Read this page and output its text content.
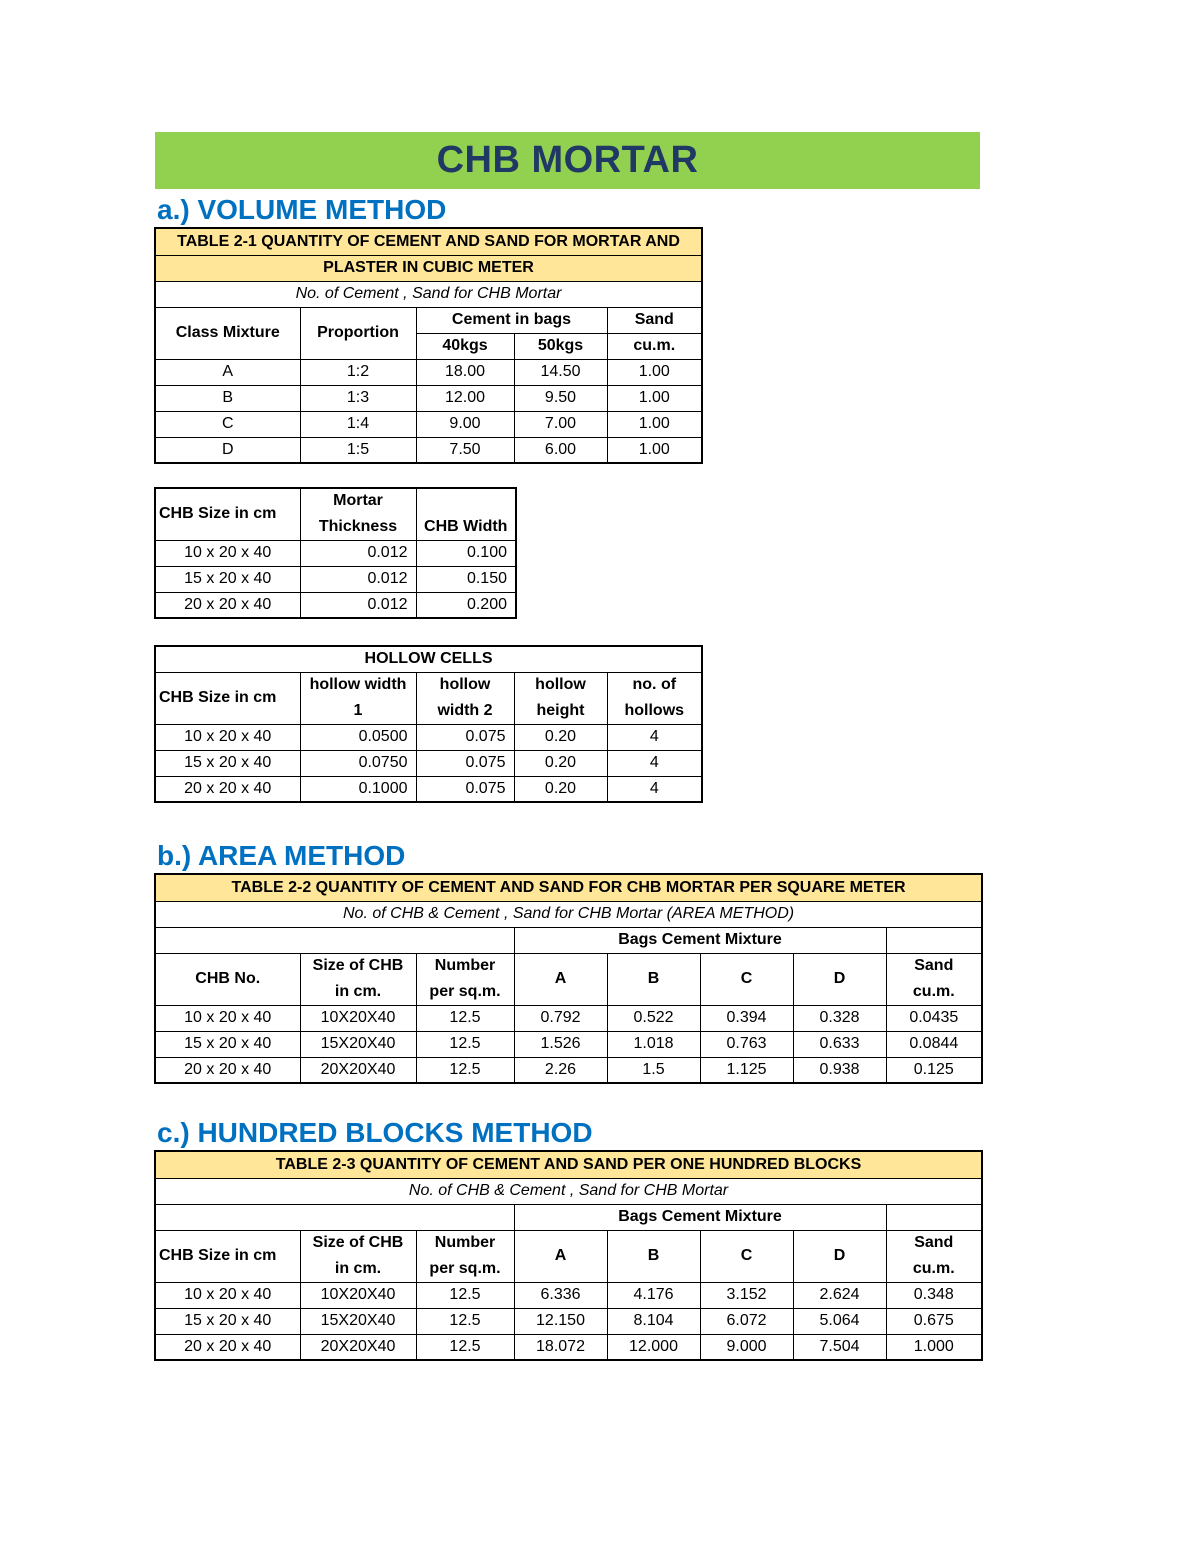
CHB MORTAR
a.) VOLUME METHOD
TABLE 2-1 QUANTITY OF CEMENT AND SAND FOR MORTAR AND				
PLASTER IN CUBIC METER				
No. of Cement , Sand for CHB Mortar				
Class Mixture	Proportion	Cement in bags		Sand
		40kgs	50kgs	cu.m.
A	1:2	18.00	14.50	1.00
B	1:3	12.00	9.50	1.00
C	1:4	9.00	7.00	1.00
D	1:5	7.50	6.00	1.00
CHB Size in cm	Mortar	
	Thickness	CHB Width
10 x 20 x 40	0.012	0.100
15 x 20 x 40	0.012	0.150
20 x 20 x 40	0.012	0.200
HOLLOW CELLS				
CHB Size in cm	hollow width	hollow	hollow	no. of
	1	width 2	height	hollows
10 x 20 x 40	0.0500	0.075	0.20	4
15 x 20 x 40	0.0750	0.075	0.20	4
20 x 20 x 40	0.1000	0.075	0.20	4
b.) AREA METHOD
TABLE 2-2 QUANTITY OF CEMENT AND SAND FOR CHB MORTAR PER SQUARE METER							
No. of CHB & Cement , Sand for CHB Mortar (AREA METHOD)							
			Bags Cement Mixture				
CHB No.	Size of CHB	Number	A	B	C	D	Sand
	in cm.	per sq.m.					cu.m.
10 x 20 x 40	10X20X40	12.5	0.792	0.522	0.394	0.328	0.0435
15 x 20 x 40	15X20X40	12.5	1.526	1.018	0.763	0.633	0.0844
20 x 20 x 40	20X20X40	12.5	2.26	1.5	1.125	0.938	0.125
c.) HUNDRED BLOCKS METHOD
TABLE 2-3 QUANTITY OF CEMENT AND SAND PER ONE HUNDRED BLOCKS							
No. of CHB & Cement , Sand for CHB Mortar							
			Bags Cement Mixture				
CHB Size in cm	Size of CHB	Number	A	B	C	D	Sand
	in cm.	per sq.m.					cu.m.
10 x 20 x 40	10X20X40	12.5	6.336	4.176	3.152	2.624	0.348
15 x 20 x 40	15X20X40	12.5	12.150	8.104	6.072	5.064	0.675
20 x 20 x 40	20X20X40	12.5	18.072	12.000	9.000	7.504	1.000
